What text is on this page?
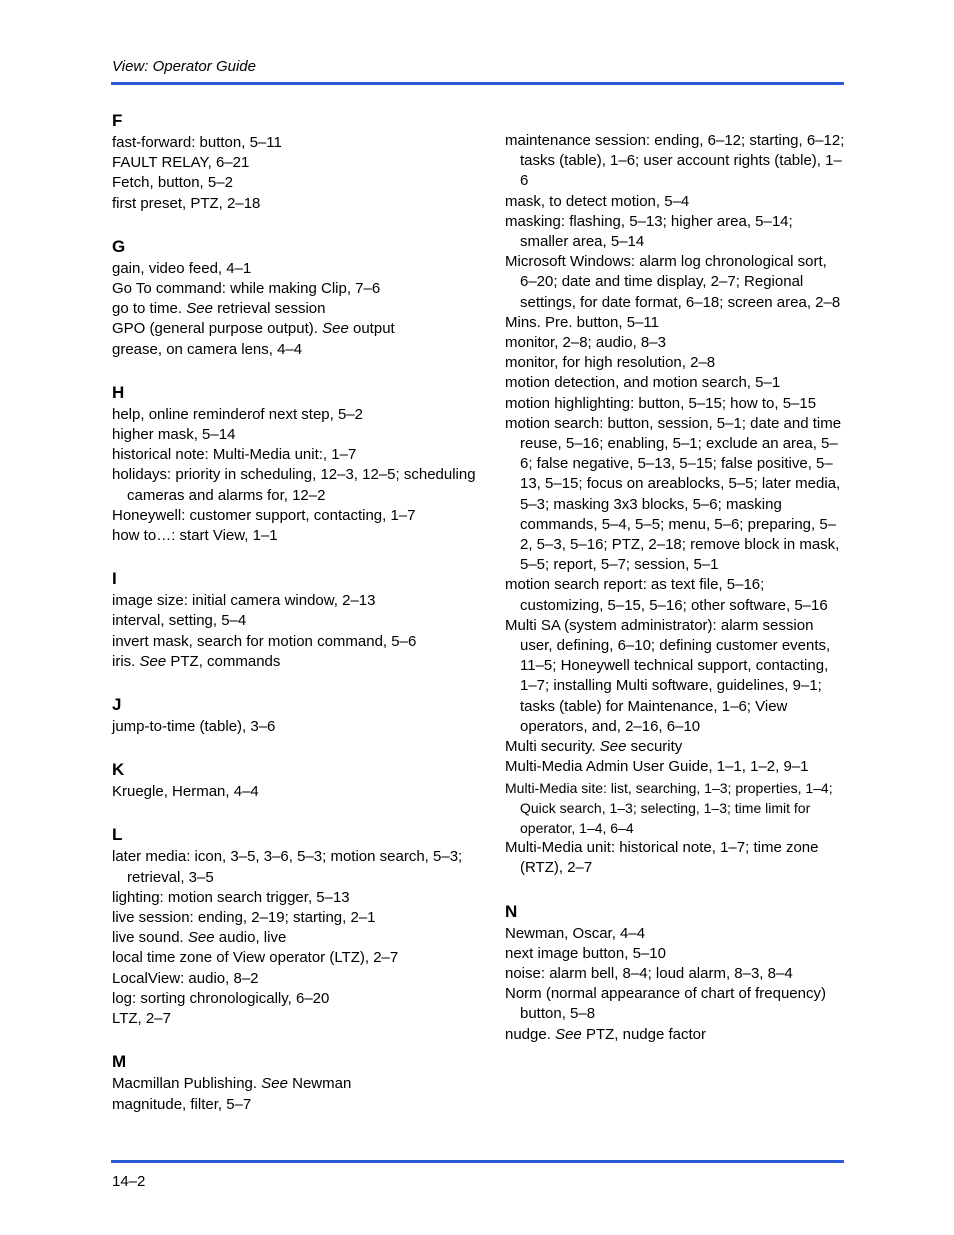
View: Operator Guide
F
fast-forward: button, 5–11
FAULT RELAY, 6–21
Fetch, button, 5–2
first preset, PTZ, 2–18
G
gain, video feed, 4–1
Go To command: while making Clip, 7–6
go to time. See retrieval session
GPO (general purpose output). See output
grease, on camera lens, 4–4
H
help, online reminderof next step, 5–2
higher mask, 5–14
historical note: Multi-Media unit:, 1–7
holidays: priority in scheduling, 12–3, 12–5; scheduling cameras and alarms for, 12–2
Honeywell: customer support, contacting, 1–7
how to…: start View, 1–1
I
image size: initial camera window, 2–13
interval, setting, 5–4
invert mask, search for motion command, 5–6
iris. See PTZ, commands
J
jump-to-time (table), 3–6
K
Kruegle, Herman, 4–4
L
later media: icon, 3–5, 3–6, 5–3; motion search, 5–3; retrieval, 3–5
lighting: motion search trigger, 5–13
live session: ending, 2–19; starting, 2–1
live sound. See audio, live
local time zone of View operator (LTZ), 2–7
LocalView: audio, 8–2
log: sorting chronologically, 6–20
LTZ, 2–7
M
Macmillan Publishing. See Newman
magnitude, filter, 5–7
maintenance session: ending, 6–12; starting, 6–12; tasks (table), 1–6; user account rights (table), 1–6
mask, to detect motion, 5–4
masking: flashing, 5–13; higher area, 5–14; smaller area, 5–14
Microsoft Windows: alarm log chronological sort, 6–20; date and time display, 2–7; Regional settings, for date format, 6–18; screen area, 2–8
Mins. Pre. button, 5–11
monitor, 2–8; audio, 8–3
monitor, for high resolution, 2–8
motion detection, and motion search, 5–1
motion highlighting: button, 5–15; how to, 5–15
motion search: button, session, 5–1; date and time reuse, 5–16; enabling, 5–1; exclude an area, 5–6; false negative, 5–13, 5–15; false positive, 5–13, 5–15; focus on areablocks, 5–5; later media, 5–3; masking 3x3 blocks, 5–6; masking commands, 5–4, 5–5; menu, 5–6; preparing, 5–2, 5–3, 5–16; PTZ, 2–18; remove block in mask, 5–5; report, 5–7; session, 5–1
motion search report: as text file, 5–16; customizing, 5–15, 5–16; other software, 5–16
Multi SA (system administrator): alarm session user, defining, 6–10; defining customer events, 11–5; Honeywell technical support, contacting, 1–7; installing Multi software, guidelines, 9–1; tasks (table) for Maintenance, 1–6; View operators, and, 2–16, 6–10
Multi security. See security
Multi-Media Admin User Guide, 1–1, 1–2, 9–1
Multi-Media site: list, searching, 1–3; properties, 1–4; Quick search, 1–3; selecting, 1–3; time limit for operator, 1–4, 6–4
Multi-Media unit: historical note, 1–7; time zone (RTZ), 2–7
N
Newman, Oscar, 4–4
next image button, 5–10
noise: alarm bell, 8–4; loud alarm, 8–3, 8–4
Norm (normal appearance of chart of frequency) button, 5–8
nudge. See PTZ, nudge factor
14–2
